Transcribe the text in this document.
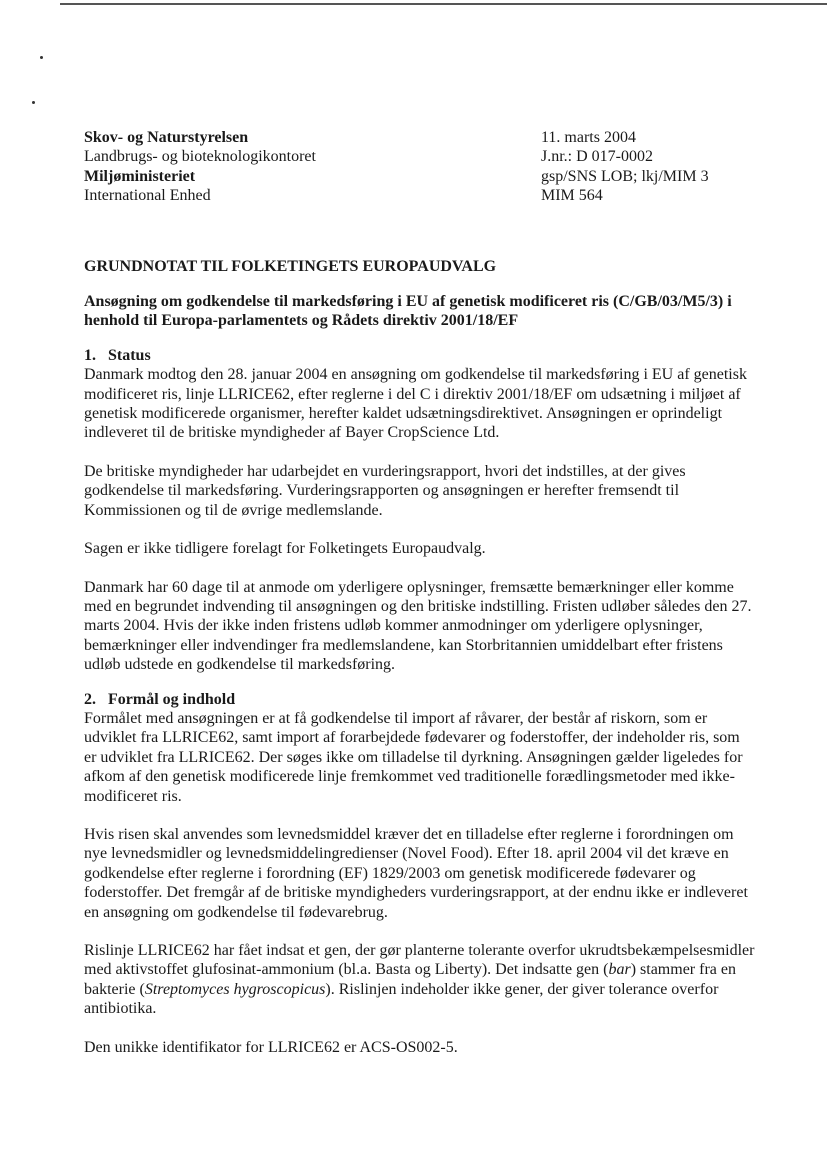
Skov- og Naturstyrelsen
Landbrugs- og bioteknologikontoret
Miljøministeriet
International Enhed
11. marts 2004
J.nr.: D 017-0002
gsp/SNS LOB; lkj/MIM 3
MIM 564
GRUNDNOTAT TIL FOLKETINGETS EUROPAUDVALG
Ansøgning om godkendelse til markedsføring i EU af genetisk modificeret ris (C/GB/03/M5/3) i henhold til Europa-parlamentets og Rådets direktiv 2001/18/EF
1. Status

Danmark modtog den 28. januar 2004 en ansøgning om godkendelse til markedsføring i EU af genetisk modificeret ris, linje LLRICE62, efter reglerne i del C i direktiv 2001/18/EF om udsætning i miljøet af genetisk modificerede organismer, herefter kaldet udsætningsdirektivet. Ansøgningen er oprindeligt indleveret til de britiske myndigheder af Bayer CropScience Ltd.

De britiske myndigheder har udarbejdet en vurderingsrapport, hvori det indstilles, at der gives godkendelse til markedsføring. Vurderingsrapporten og ansøgningen er herefter fremsendt til Kommissionen og til de øvrige medlemslande.

Sagen er ikke tidligere forelagt for Folketingets Europaudvalg.

Danmark har 60 dage til at anmode om yderligere oplysninger, fremsætte bemærkninger eller komme med en begrundet indvending til ansøgningen og den britiske indstilling. Fristen udløber således den 27. marts 2004. Hvis der ikke inden fristens udløb kommer anmodninger om yderligere oplysninger, bemærkninger eller indvendinger fra medlemslandene, kan Storbritannien umiddelbart efter fristens udløb udstede en godkendelse til markedsføring.

2. Formål og indhold

Formålet med ansøgningen er at få godkendelse til import af råvarer, der består af riskorn, som er udviklet fra LLRICE62, samt import af forarbejdede fødevarer og foderstoffer, der indeholder ris, som er udviklet fra LLRICE62. Der søges ikke om tilladelse til dyrkning. Ansøgningen gælder ligeledes for afkom af den genetisk modificerede linje fremkommet ved traditionelle forædlingsmetoder med ikke-modificeret ris.

Hvis risen skal anvendes som levnedsmiddel kræver det en tilladelse efter reglerne i forordningen om nye levnedsmidler og levnedsmiddelingredienser (Novel Food). Efter 18. april 2004 vil det kræve en godkendelse efter reglerne i forordning (EF) 1829/2003 om genetisk modificerede fødevarer og foderstoffer. Det fremgår af de britiske myndigheders vurderingsrapport, at der endnu ikke er indleveret en ansøgning om godkendelse til fødevarebrug.

Rislinje LLRICE62 har fået indsat et gen, der gør planterne tolerante overfor ukrudtsbekæmpelsesmidler med aktivstoffet glufosinat-ammonium (bl.a. Basta og Liberty). Det indsatte gen (bar) stammer fra en bakterie (Streptomyces hygroscopicus). Rislinjen indeholder ikke gener, der giver tolerance overfor antibiotika.

Den unikke identifikator for LLRICE62 er ACS-OS002-5.
